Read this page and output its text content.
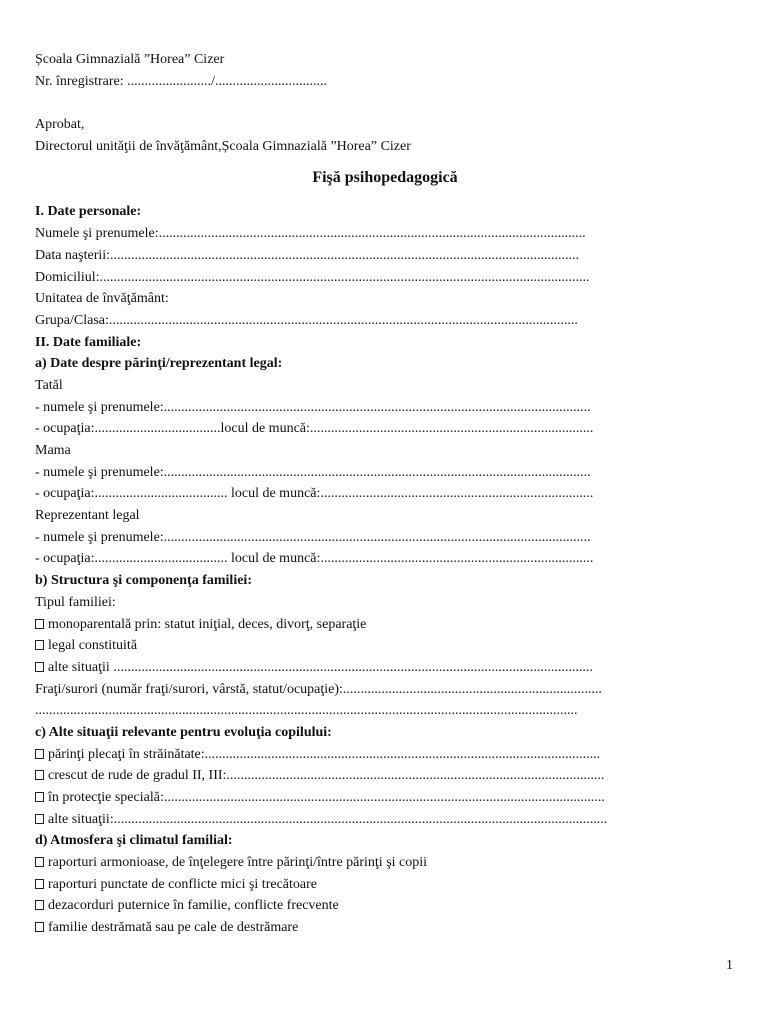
Școala Gimnazială ”Horea” Cizer
Nr. înregistrare: ......................../................................
Aprobat,
Directorul unităţii de învăţământ,Școala Gimnazială ”Horea” Cizer
Fişă psihopedagogică
I. Date personale:
Numele şi prenumele:..........................................................................................................................
Data naşterii:......................................................................................................................................
Domiciliul:............................................................................................................................................
Unitatea de învăţământ:
Grupa/Clasa:......................................................................................................................................
II. Date familiale:
a) Date despre părinţi/reprezentant legal:
Tatăl
- numele şi prenumele:..........................................................................................................................
- ocupaţia:....................................locul de muncă:.................................................................................
Mama
- numele şi prenumele:..........................................................................................................................
- ocupaţia:...................................... locul de muncă:..............................................................................
Reprezentant legal
- numele şi prenumele:..........................................................................................................................
- ocupaţia:...................................... locul de muncă:..............................................................................
b) Structura şi componenţa familiei:
Tipul familiei:
monoparentală prin: statut iniţial, deces, divorţ, separaţie
legal constituită
alte situaţii .........................................................................................................................................
Fraţi/surori (număr fraţi/surori, vârstă, statut/ocupaţie):..........................................................................
...........................................................................................................................................................
c) Alte situaţii relevante pentru evoluţia copilului:
părinţi plecaţi în străinătate:.................................................................................................................
crescut de rude de gradul II, III:............................................................................................................
în protecţie specială:..............................................................................................................................
alte situaţii:.............................................................................................................................................
d) Atmosfera şi climatul familial:
raporturi armonioase, de înţelegere între părinţi/între părinţi şi copii
raporturi punctate de conflicte mici şi trecătoare
dezacorduri puternice în familie, conflicte frecvente
familie destrămată sau pe cale de destrămare
1
